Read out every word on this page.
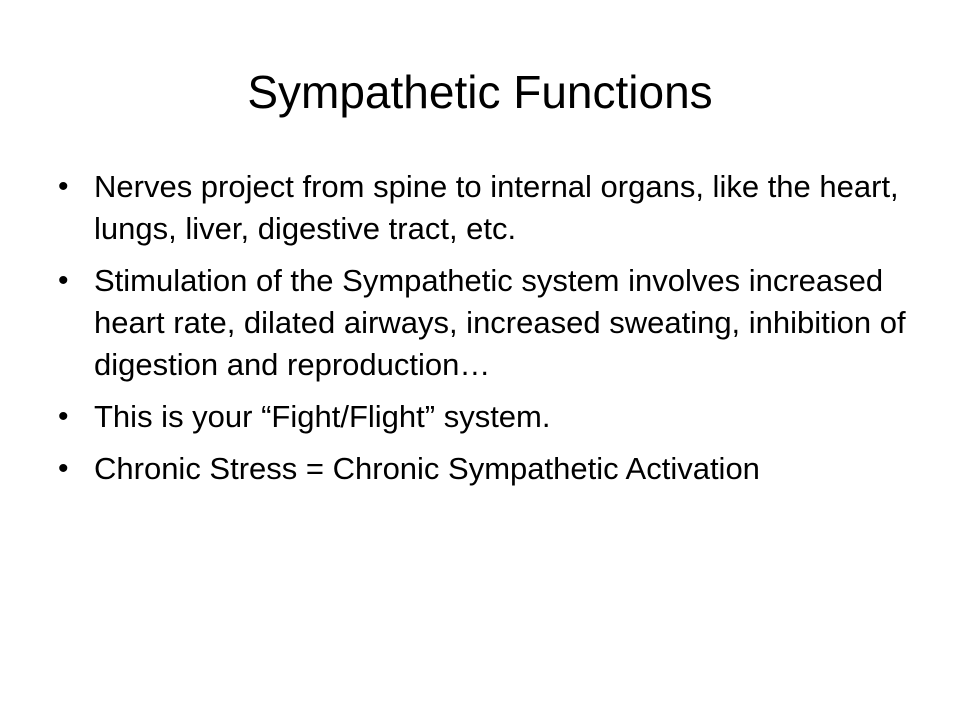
Sympathetic Functions
• Nerves project from spine to internal organs, like the heart, lungs, liver, digestive tract, etc.
• Stimulation of the Sympathetic system involves increased heart rate, dilated airways, increased sweating, inhibition of digestion and reproduction…
• This is your “Fight/Flight” system.
• Chronic Stress = Chronic Sympathetic Activation
